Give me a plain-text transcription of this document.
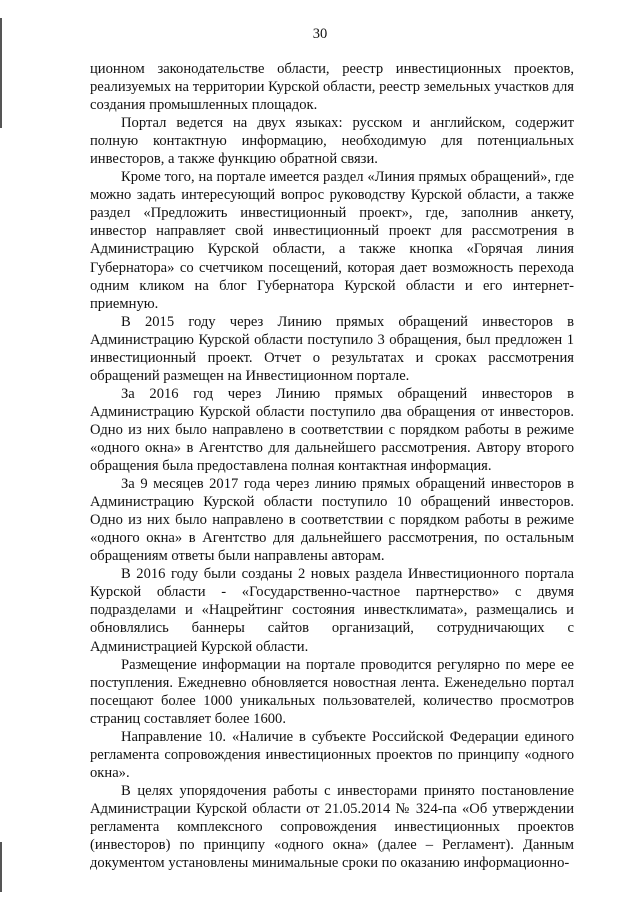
30

ционном законодательстве области, реестр инвестиционных проектов, реализуемых на территории Курской области, реестр земельных участков для создания промышленных площадок.

Портал ведется на двух языках: русском и английском, содержит полную контактную информацию, необходимую для потенциальных инвесторов, а также функцию обратной связи.

Кроме того, на портале имеется раздел «Линия прямых обращений», где можно задать интересующий вопрос руководству Курской области, а также раздел «Предложить инвестиционный проект», где, заполнив анкету, инвестор направляет свой инвестиционный проект для рассмотрения в Администрацию Курской области, а также кнопка «Горячая линия Губернатора» со счетчиком посещений, которая дает возможность перехода одним кликом на блог Губернатора Курской области и его интернет-приемную.

В 2015 году через Линию прямых обращений инвесторов в Администрацию Курской области поступило 3 обращения, был предложен 1 инвестиционный проект. Отчет о результатах и сроках рассмотрения обращений размещен на Инвестиционном портале.

За 2016 год через Линию прямых обращений инвесторов в Администрацию Курской области поступило два обращения от инвесторов. Одно из них было направлено в соответствии с порядком работы в режиме «одного окна» в Агентство для дальнейшего рассмотрения. Автору второго обращения была предоставлена полная контактная информация.

За 9 месяцев 2017 года через линию прямых обращений инвесторов в Администрацию Курской области поступило 10 обращений инвесторов. Одно из них было направлено в соответствии с порядком работы в режиме «одного окна» в Агентство для дальнейшего рассмотрения, по остальным обращениям ответы были направлены авторам.

В 2016 году были созданы 2 новых раздела Инвестиционного портала Курской области - «Государственно-частное партнерство» с двумя подразделами и «Нацрейтинг состояния инвестклимата», размещались и обновлялись баннеры сайтов организаций, сотрудничающих с Администрацией Курской области.

Размещение информации на портале проводится регулярно по мере ее поступления. Ежедневно обновляется новостная лента. Еженедельно портал посещают более 1000 уникальных пользователей, количество просмотров страниц составляет более 1600.

Направление 10. «Наличие в субъекте Российской Федерации единого регламента сопровождения инвестиционных проектов по принципу «одного окна».

В целях упорядочения работы с инвесторами принято постановление Администрации Курской области от 21.05.2014 № 324-па «Об утверждении регламента комплексного сопровождения инвестиционных проектов (инвесторов) по принципу «одного окна» (далее – Регламент). Данным документом установлены минимальные сроки по оказанию информационно-
